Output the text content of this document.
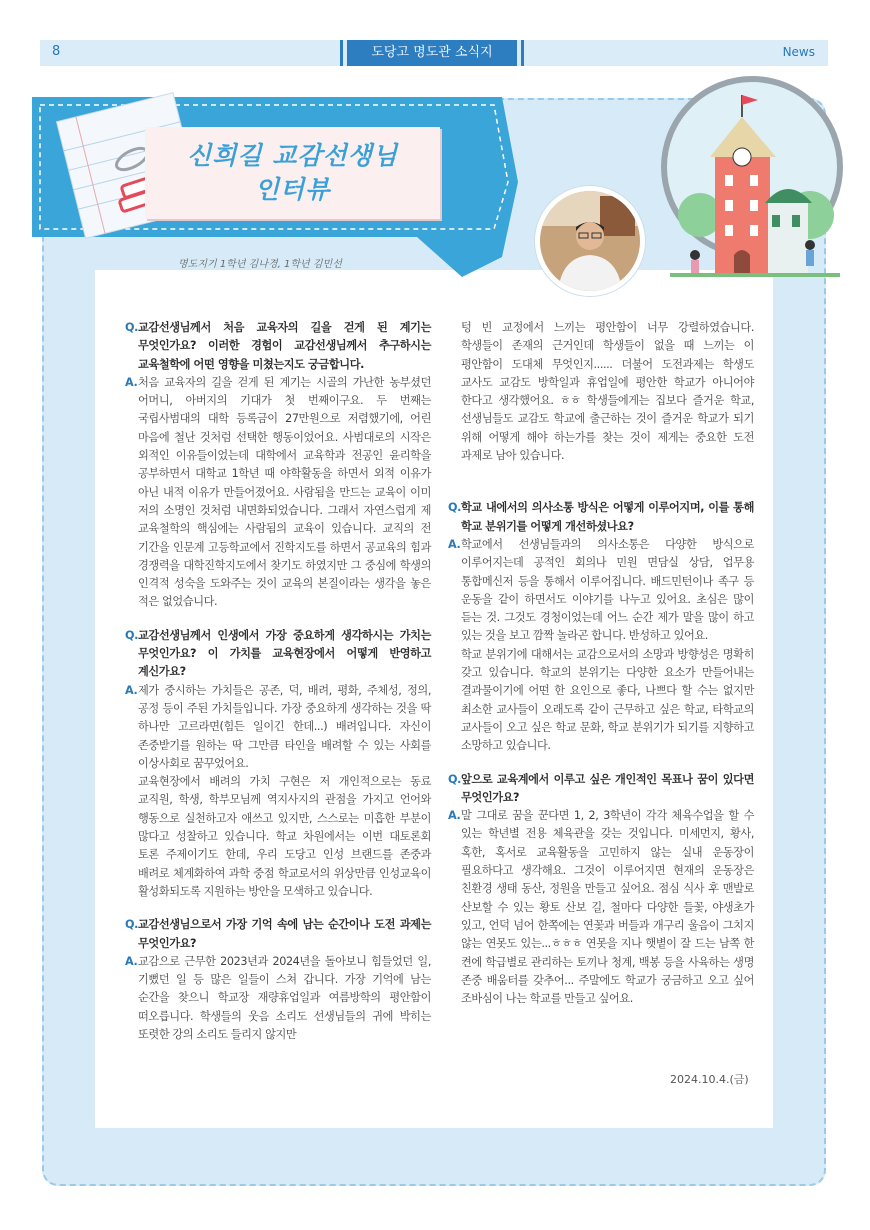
8	도당고 명도관 소식지	News
신희길 교감선생님
인터뷰
명도지기 1학년 김나경, 1학년 김민선

Q. 교감선생님께서 처음 교육자의 길을 걷게 된 계기는 무엇인가요? 이러한 경험이 교감선생님께서 추구하시는 교육철학에 어떤 영향을 미쳤는지도 궁금합니다.

A. 처음 교육자의 길을 걷게 된 계기는 시골의 가난한 농부셨던 어머니, 아버지의 기대가 첫 번째이구요. 두 번째는 국립사범대의 대학 등록금이 27만원으로 저렴했기에, 어린 마음에 철난 것처럼 선택한 행동이었어요. 사범대로의 시작은 외적인 이유들이었는데 대학에서 교육학과 전공인 윤리학을 공부하면서 대학교 1학년 때 야학활동을 하면서 외적 이유가 아닌 내적 이유가 만들어졌어요. 사람됨을 만드는 교육이 이미 저의 소명인 것처럼 내면화되었습니다. 그래서 자연스럽게 제 교육철학의 핵심에는 사람됨의 교육이 있습니다. 교직의 전 기간을 인문계 고등학교에서 진학지도를 하면서 공교육의 힘과 경쟁력을 대학진학지도에서 찾기도 하였지만 그 중심에 학생의 인격적 성숙을 도와주는 것이 교육의 본질이라는 생각을 놓은 적은 없었습니다.

Q. 교감선생님께서 인생에서 가장 중요하게 생각하시는 가치는 무엇인가요? 이 가치를 교육현장에서 어떻게 반영하고 계신가요?

A. 제가 중시하는 가치들은 공존, 덕, 배려, 평화, 주체성, 정의, 공정 등이 주된 가치들입니다. 가장 중요하게 생각하는 것을 딱 하나만 고르라면(힘든 일이긴 한데...) 배려입니다. 자신이 존중받기를 원하는 딱 그만큼 타인을 배려할 수 있는 사회를 이상사회로 꿈꾸었어요.

교육현장에서 배려의 가치 구현은 저 개인적으로는 동료 교직원, 학생, 학부모님께 역지사지의 관점을 가지고 언어와 행동으로 실천하고자 애쓰고 있지만, 스스로는 미흡한 부분이 많다고 성찰하고 있습니다. 학교 차원에서는 이번 대토론회 토론 주제이기도 한데, 우리 도당고 인성 브랜드를 존중과 배려로 체계화하여 과학 중점 학교로서의 위상만큼 인성교육이 활성화되도록 지원하는 방안을 모색하고 있습니다.

Q. 교감선생님으로서 가장 기억 속에 남는 순간이나 도전 과제는 무엇인가요?

A. 교감으로 근무한 2023년과 2024년을 돌아보니 힘들었던 일, 기뻤던 일 등 많은 일들이 스쳐 갑니다. 가장 기억에 남는 순간을 찾으니 학교장 재량휴업일과 여름방학의 평안함이 떠오릅니다. 학생들의 웃음 소리도 선생님들의 귀에 박히는 또렷한 강의 소리도 들리지 않지만

텅 빈 교정에서 느끼는 평안함이 너무 강렬하였습니다. 학생들이 존재의 근거인데 학생들이 없을 때 느끼는 이 평안함이 도대체 무엇인지...... 더불어 도전과제는 학생도 교사도 교감도 방학일과 휴업일에 평안한 학교가 아니어야 한다고 생각했어요. ㅎㅎ 학생들에게는 집보다 즐거운 학교, 선생님들도 교감도 학교에 출근하는 것이 즐거운 학교가 되기 위해 어떻게 해야 하는가를 찾는 것이 제게는 중요한 도전 과제로 남아 있습니다.

Q. 학교 내에서의 의사소통 방식은 어떻게 이루어지며, 이를 통해 학교 분위기를 어떻게 개선하셨나요?

A. 학교에서 선생님들과의 의사소통은 다양한 방식으로 이루어지는데 공적인 회의나 민원 면담실 상담, 업무용 통합메신저 등을 통해서 이루어집니다. 배드민턴이나 족구 등 운동을 같이 하면서도 이야기를 나누고 있어요. 초심은 많이 듣는 것. 그것도 경청이었는데 어느 순간 제가 말을 많이 하고 있는 것을 보고 깜짝 놀라곤 합니다. 반성하고 있어요.

학교 분위기에 대해서는 교감으로서의 소망과 방향성은 명확히 갖고 있습니다. 학교의 분위기는 다양한 요소가 만들어내는 결과물이기에 어떤 한 요인으로 좋다, 나쁘다 할 수는 없지만 최소한 교사들이 오래도록 같이 근무하고 싶은 학교, 타학교의 교사들이 오고 싶은 학교 문화, 학교 분위기가 되기를 지향하고 소망하고 있습니다.

Q. 앞으로 교육계에서 이루고 싶은 개인적인 목표나 꿈이 있다면 무엇인가요?

A. 말 그대로 꿈을 꾼다면 1, 2, 3학년이 각각 체육수업을 할 수 있는 학년별 전용 체육관을 갖는 것입니다. 미세먼지, 황사, 혹한, 혹서로 교육활동을 고민하지 않는 실내 운동장이 필요하다고 생각해요. 그것이 이루어지면 현재의 운동장은 친환경 생태 동산, 정원을 만들고 싶어요. 점심 식사 후 맨발로 산보할 수 있는 황토 산보 길, 철마다 다양한 들꽃, 야생초가 있고, 언덕 넘어 한쪽에는 연꽃과 버들과 개구리 울음이 그치지 않는 연못도 있는...ㅎㅎㅎ 연못을 지나 햇볕이 잘 드는 남쪽 한 켠에 학급별로 관리하는 토끼나 청계, 백봉 등을 사육하는 생명 존중 배움터를 갖추어... 주말에도 학교가 궁금하고 오고 싶어 조바심이 나는 학교를 만들고 싶어요.

2024.10.4.(금)
